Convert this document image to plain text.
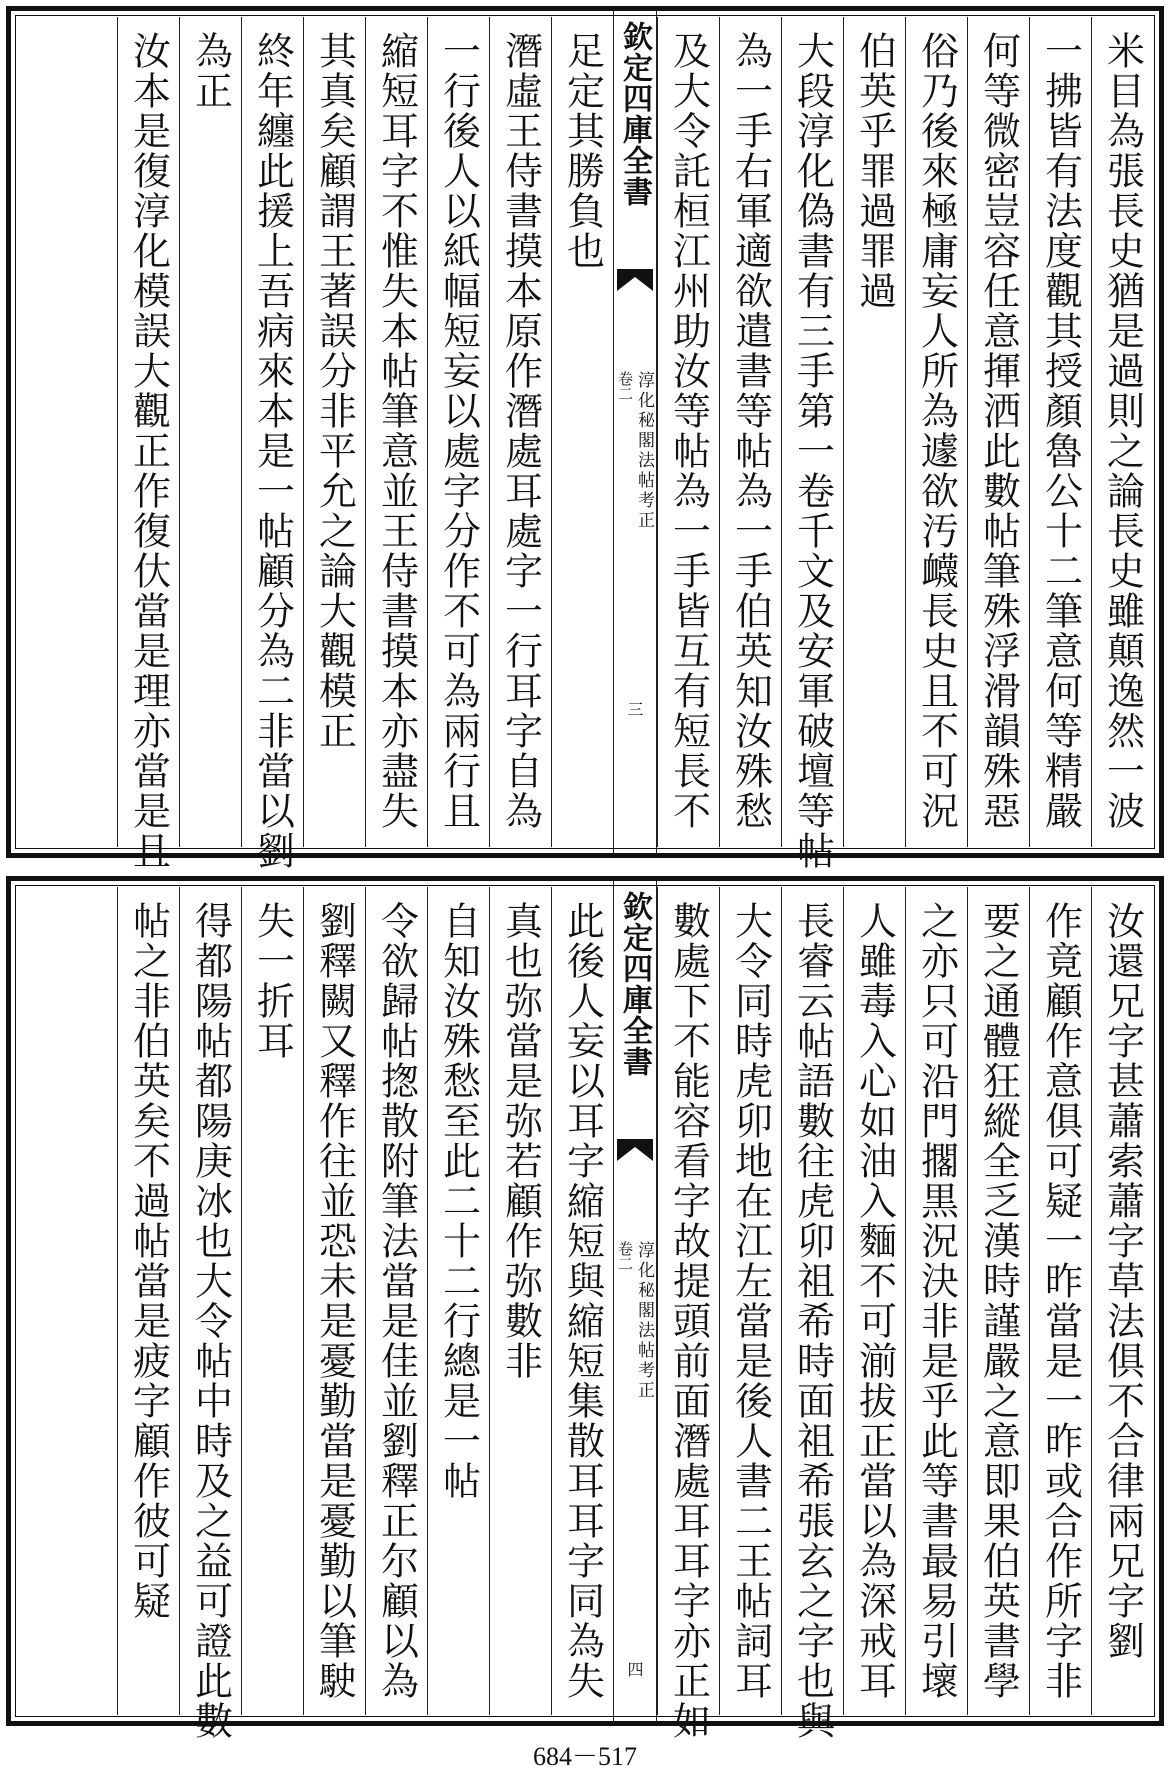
米目為張長史猶是過則之論長史雖顛逸然一波
一拂皆有法度觀其授顏魯公十二筆意何等精嚴
何等微密豈容任意揮洒此數帖筆殊浮滑韻殊惡
俗乃後來極庸妄人所為遽欲汚衊長史且不可況
伯英乎罪過罪過
大段淳化偽書有三手第一卷千文及安軍破壇等帖
為一手右軍適欲遣書等帖為一手伯英知汝殊愁
及大令託桓江州助汝等帖為一手皆互有短長不
欽定四庫全書
淳化秘閣法帖考正
卷二
三
足定其勝負也
潛虛王侍書摸本原作潛處耳處字一行耳字自為
一行後人以紙幅短妄以處字分作不可為兩行且
縮短耳字不惟失本帖筆意並王侍書摸本亦盡失
其真矣顧謂王著誤分非平允之論大觀模正
終年纏此援上吾病來本是一帖顧分為二非當以劉
為正
汝本是復淳化模誤大觀正作復㐲當是理亦當是且
汝還兄字甚蕭索蕭字草法俱不合律兩兄字劉
作竟顧作意俱可疑一昨當是一昨或合作所字非
要之通體狂縱全乏漢時謹嚴之意即果伯英書學
之亦只可沿門擱黒況決非是乎此等書最易引壞
人雖毒入心如油入麵不可湔拔正當以為深戒耳
長睿云帖語數往虎卯祖希時面祖希張玄之字也與
大令同時虎卯地在江左當是後人書二王帖詞耳
數處下不能容看字故提頭前面潛處耳耳字亦正如
欽定四庫全書
淳化秘閣法帖考正
卷二
四
此後人妄以耳字縮短與縮短集散耳耳字同為失
真也弥當是弥若顧作弥數非
自知汝殊愁至此二十二行總是一帖
令欲歸帖揔散附筆法當是佳並劉釋正尔顧以為
劉釋闕又釋作往並恐未是憂勤當是憂勤以筆駛
失一折耳
得都陽帖都陽庚冰也大令帖中時及之益可證此數
帖之非伯英矣不過帖當是疲字顧作彼可疑
684－517
